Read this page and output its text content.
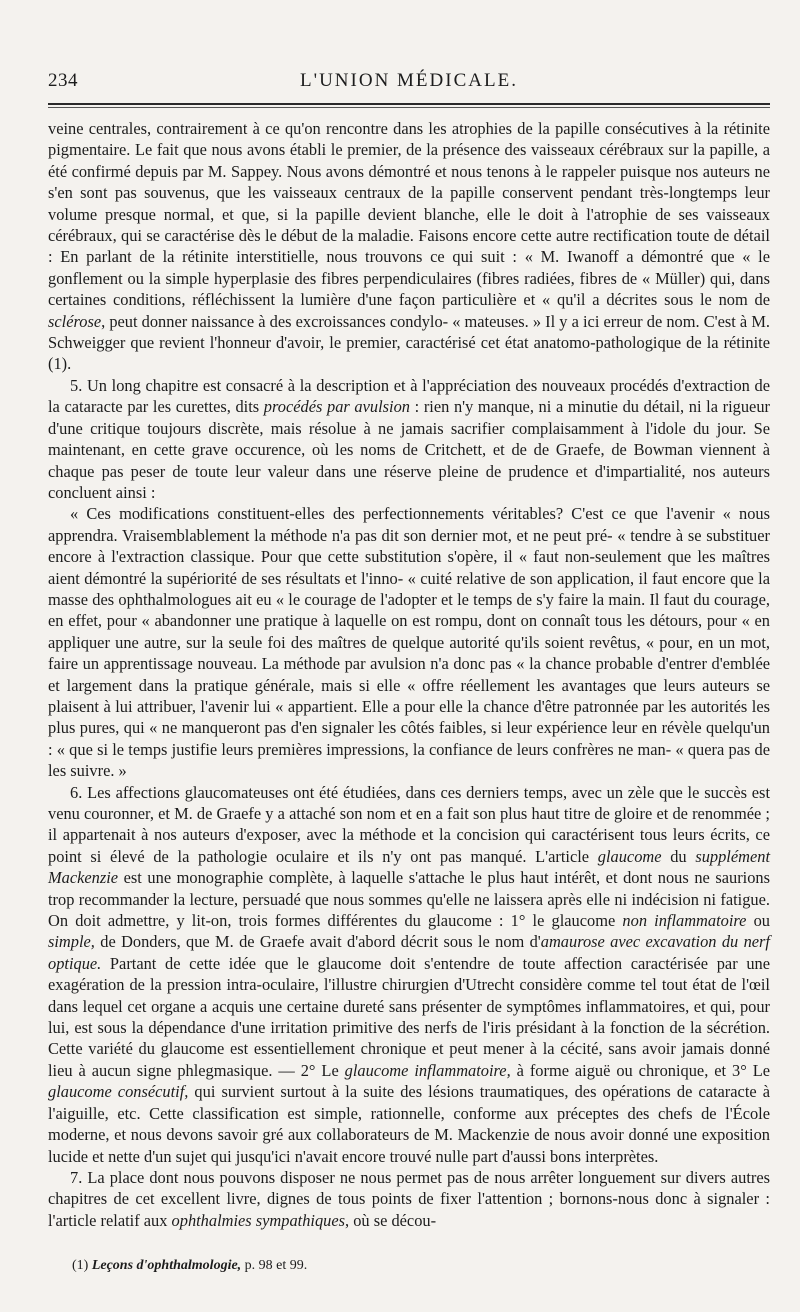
234	L'UNION MÉDICALE.

veine centrales, contrairement à ce qu'on rencontre dans les atrophies de la papille consécutives à la rétinite pigmentaire. Le fait que nous avons établi le premier, de la présence des vaisseaux cérébraux sur la papille, a été confirmé depuis par M. Sappey. Nous avons démontré et nous tenons à le rappeler puisque nos auteurs ne s'en sont pas souvenus, que les vaisseaux centraux de la papille conservent pendant très-longtemps leur volume presque normal, et que, si la papille devient blanche, elle le doit à l'atrophie de ses vaisseaux cérébraux, qui se caractérise dès le début de la maladie. Faisons encore cette autre rectification toute de détail : En parlant de la rétinite interstitielle, nous trouvons ce qui suit : « M. Iwanoff a démontré que « le gonflement ou la simple hyperplasie des fibres perpendiculaires (fibres radiées, fibres de « Müller) qui, dans certaines conditions, réfléchissent la lumière d'une façon particulière et « qu'il a décrites sous le nom de sclérose, peut donner naissance à des excroissances condylo- « mateuses. » Il y a ici erreur de nom. C'est à M. Schweigger que revient l'honneur d'avoir, le premier, caractérisé cet état anatomo-pathologique de la rétinite (1).

5. Un long chapitre est consacré à la description et à l'appréciation des nouveaux procédés d'extraction de la cataracte par les curettes, dits procédés par avulsion : rien n'y manque, ni a minutie du détail, ni la rigueur d'une critique toujours discrète, mais résolue à ne jamais sacrifier complaisamment à l'idole du jour. Se maintenant, en cette grave occurence, où les noms de Critchett, et de de Graefe, de Bowman viennent à chaque pas peser de toute leur valeur dans une réserve pleine de prudence et d'impartialité, nos auteurs concluent ainsi :

« Ces modifications constituent-elles des perfectionnements véritables? C'est ce que l'avenir « nous apprendra. Vraisemblablement la méthode n'a pas dit son dernier mot, et ne peut pré- « tendre à se substituer encore à l'extraction classique. Pour que cette substitution s'opère, il « faut non-seulement que les maîtres aient démontré la supériorité de ses résultats et l'inno- « cuité relative de son application, il faut encore que la masse des ophthalmologues ait eu « le courage de l'adopter et le temps de s'y faire la main. Il faut du courage, en effet, pour « abandonner une pratique à laquelle on est rompu, dont on connaît tous les détours, pour « en appliquer une autre, sur la seule foi des maîtres de quelque autorité qu'ils soient revêtus, « pour, en un mot, faire un apprentissage nouveau. La méthode par avulsion n'a donc pas « la chance probable d'entrer d'emblée et largement dans la pratique générale, mais si elle « offre réellement les avantages que leurs auteurs se plaisent à lui attribuer, l'avenir lui « appartient. Elle a pour elle la chance d'être patronnée par les autorités les plus pures, qui « ne manqueront pas d'en signaler les côtés faibles, si leur expérience leur en révèle quelqu'un : « que si le temps justifie leurs premières impressions, la confiance de leurs confrères ne man- « quera pas de les suivre. »

6. Les affections glaucomateuses ont été étudiées, dans ces derniers temps, avec un zèle que le succès est venu couronner, et M. de Graefe y a attaché son nom et en a fait son plus haut titre de gloire et de renommée ; il appartenait à nos auteurs d'exposer, avec la méthode et la concision qui caractérisent tous leurs écrits, ce point si élevé de la pathologie oculaire et ils n'y ont pas manqué. L'article glaucome du supplément Mackenzie est une monographie complète, à laquelle s'attache le plus haut intérêt, et dont nous ne saurions trop recommander la lecture, persuadé que nous sommes qu'elle ne laissera après elle ni indécision ni fatigue. On doit admettre, y lit-on, trois formes différentes du glaucome : 1° le glaucome non inflammatoire ou simple, de Donders, que M. de Graefe avait d'abord décrit sous le nom d'amaurose avec excavation du nerf optique. Partant de cette idée que le glaucome doit s'entendre de toute affection caractérisée par une exagération de la pression intra-oculaire, l'illustre chirurgien d'Utrecht considère comme tel tout état de l'œil dans lequel cet organe a acquis une certaine dureté sans présenter de symptômes inflammatoires, et qui, pour lui, est sous la dépendance d'une irritation primitive des nerfs de l'iris présidant à la fonction de la sécrétion. Cette variété du glaucome est essentiellement chronique et peut mener à la cécité, sans avoir jamais donné lieu à aucun signe phlegmasique. — 2° Le glaucome inflammatoire, à forme aiguë ou chronique, et 3° Le glaucome consécutif, qui survient surtout à la suite des lésions traumatiques, des opérations de cataracte à l'aiguille, etc. Cette classification est simple, rationnelle, conforme aux préceptes des chefs de l'École moderne, et nous devons savoir gré aux collaborateurs de M. Mackenzie de nous avoir donné une exposition lucide et nette d'un sujet qui jusqu'ici n'avait encore trouvé nulle part d'aussi bons interprètes.

7. La place dont nous pouvons disposer ne nous permet pas de nous arrêter longuement sur divers autres chapitres de cet excellent livre, dignes de tous points de fixer l'attention ; bornons-nous donc à signaler : l'article relatif aux ophthalmies sympathiques, où se décou-

(1) Leçons d'ophthalmologie, p. 98 et 99.
